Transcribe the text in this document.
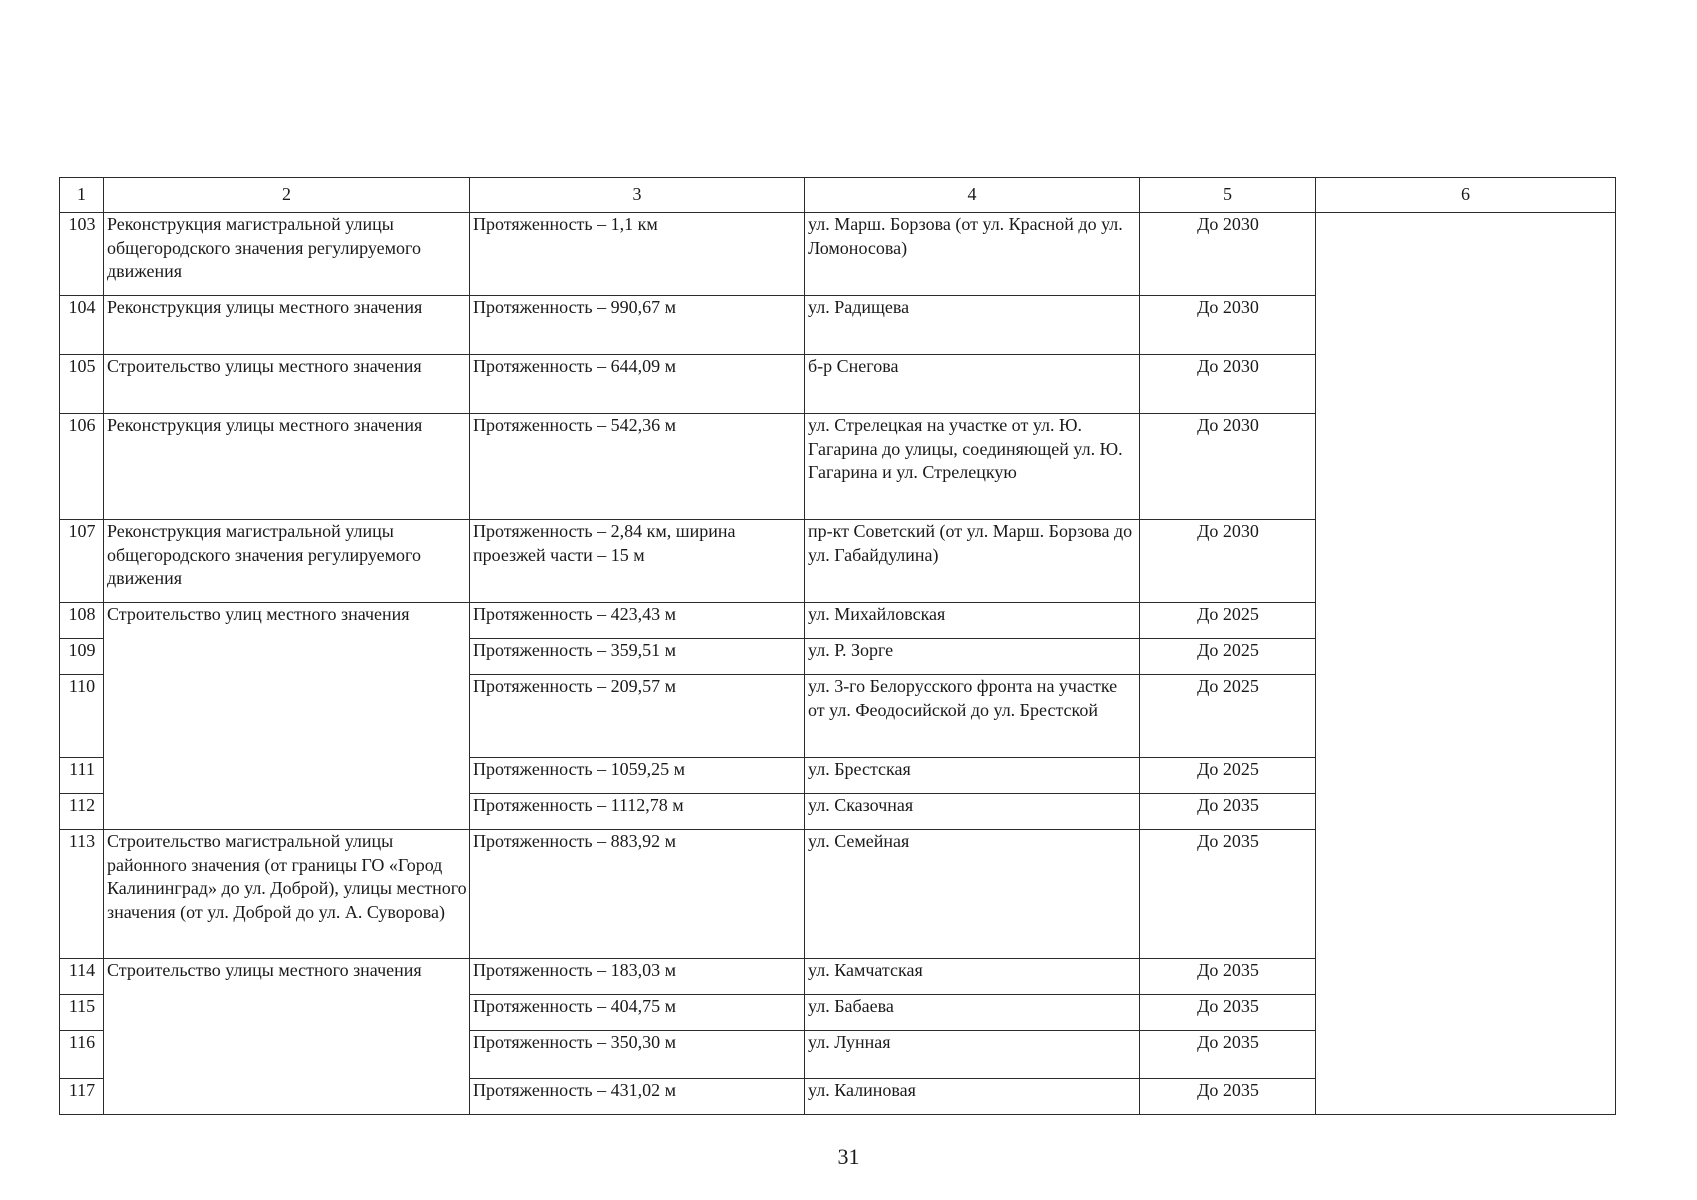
1	2	3	4	5	6
103	Реконструкция магистральной улицы общегородского значения регулируемого движения	Протяженность – 1,1 км	ул. Марш. Борзова (от ул. Красной до ул. Ломоносова)	До 2030	
104	Реконструкция улицы местного значения	Протяженность – 990,67 м	ул. Радищева	До 2030	
105	Строительство улицы местного значения	Протяженность – 644,09 м	б-р Снегова	До 2030	
106	Реконструкция улицы местного значения	Протяженность – 542,36 м	ул. Стрелецкая на участке от ул. Ю. Гагарина до улицы, соединяющей ул. Ю. Гагарина и ул. Стрелецкую	До 2030	
107	Реконструкция магистральной улицы общегородского значения регулируемого движения	Протяженность – 2,84 км, ширина проезжей части – 15 м	пр-кт Советский (от ул. Марш. Борзова до ул. Габайдулина)	До 2030	
108	Строительство улиц местного значения	Протяженность – 423,43 м	ул. Михайловская	До 2025	
109		Протяженность – 359,51 м	ул. Р. Зорге	До 2025	
110		Протяженность – 209,57 м	ул. 3-го Белорусского фронта на участке от ул. Феодосийской до ул. Брестской	До 2025	
111		Протяженность – 1059,25 м	ул. Брестская	До 2025	
112		Протяженность – 1112,78 м	ул. Сказочная	До 2035	
113	Строительство магистральной улицы районного значения (от границы ГО «Город Калининград» до ул. Доброй), улицы местного значения (от ул. Доброй до ул. А. Суворова)	Протяженность – 883,92 м	ул. Семейная	До 2035	
114	Строительство улицы местного значения	Протяженность – 183,03 м	ул. Камчатская	До 2035	
115		Протяженность – 404,75 м	ул. Бабаева	До 2035	
116		Протяженность – 350,30 м	ул. Лунная	До 2035	
117		Протяженность – 431,02 м	ул. Калиновая	До 2035	
31
